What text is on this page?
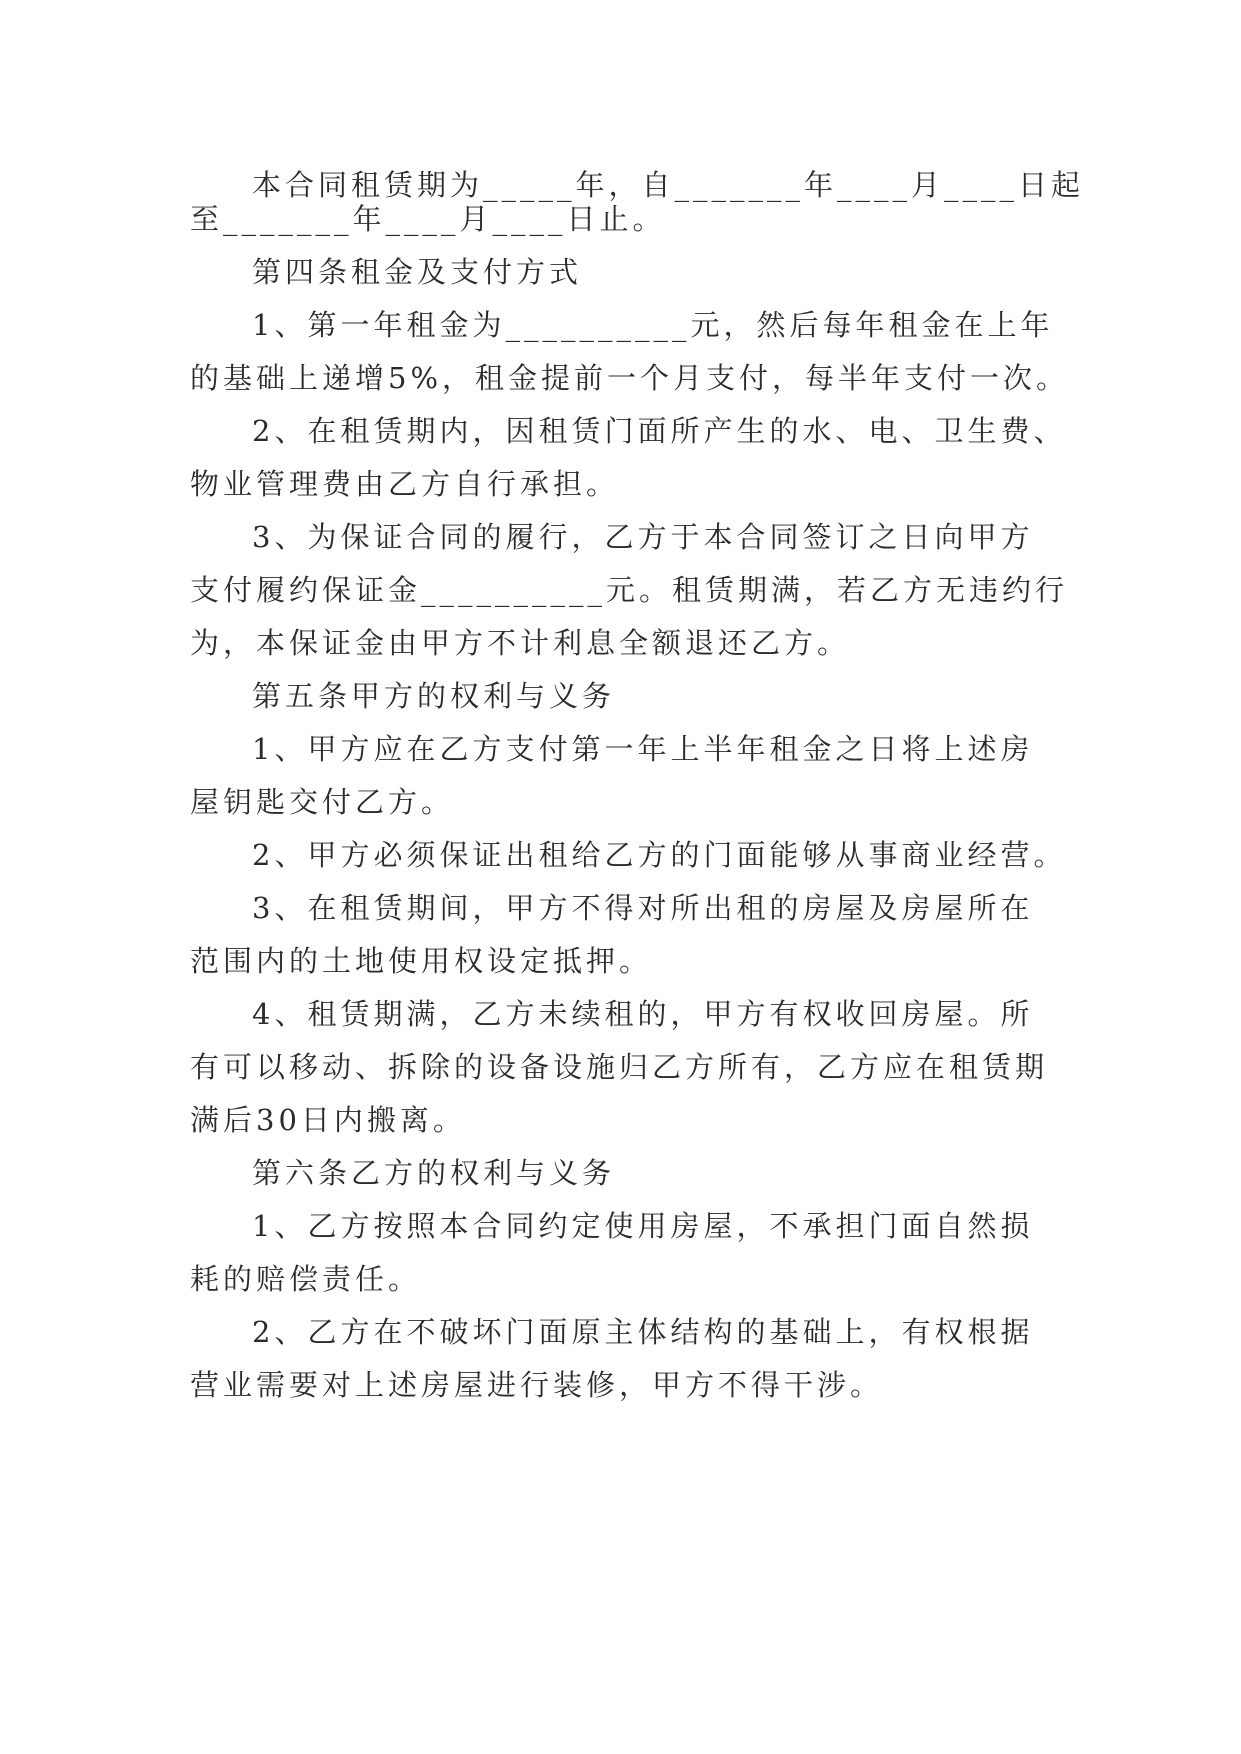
本合同租赁期为_____年，自_______年____月____日起
至_______年____月____日止。
第四条租金及支付方式
1、第一年租金为__________元，然后每年租金在上年
的基础上递增5%，租金提前一个月支付，每半年支付一次。
2、在租赁期内，因租赁门面所产生的水、电、卫生费、
物业管理费由乙方自行承担。
3、为保证合同的履行，乙方于本合同签订之日向甲方
支付履约保证金__________元。租赁期满，若乙方无违约行
为，本保证金由甲方不计利息全额退还乙方。
第五条甲方的权利与义务
1、甲方应在乙方支付第一年上半年租金之日将上述房
屋钥匙交付乙方。
2、甲方必须保证出租给乙方的门面能够从事商业经营。
3、在租赁期间，甲方不得对所出租的房屋及房屋所在
范围内的土地使用权设定抵押。
4、租赁期满，乙方未续租的，甲方有权收回房屋。所
有可以移动、拆除的设备设施归乙方所有，乙方应在租赁期
满后30日内搬离。
第六条乙方的权利与义务
1、乙方按照本合同约定使用房屋，不承担门面自然损
耗的赔偿责任。
2、乙方在不破坏门面原主体结构的基础上，有权根据
营业需要对上述房屋进行装修，甲方不得干涉。
